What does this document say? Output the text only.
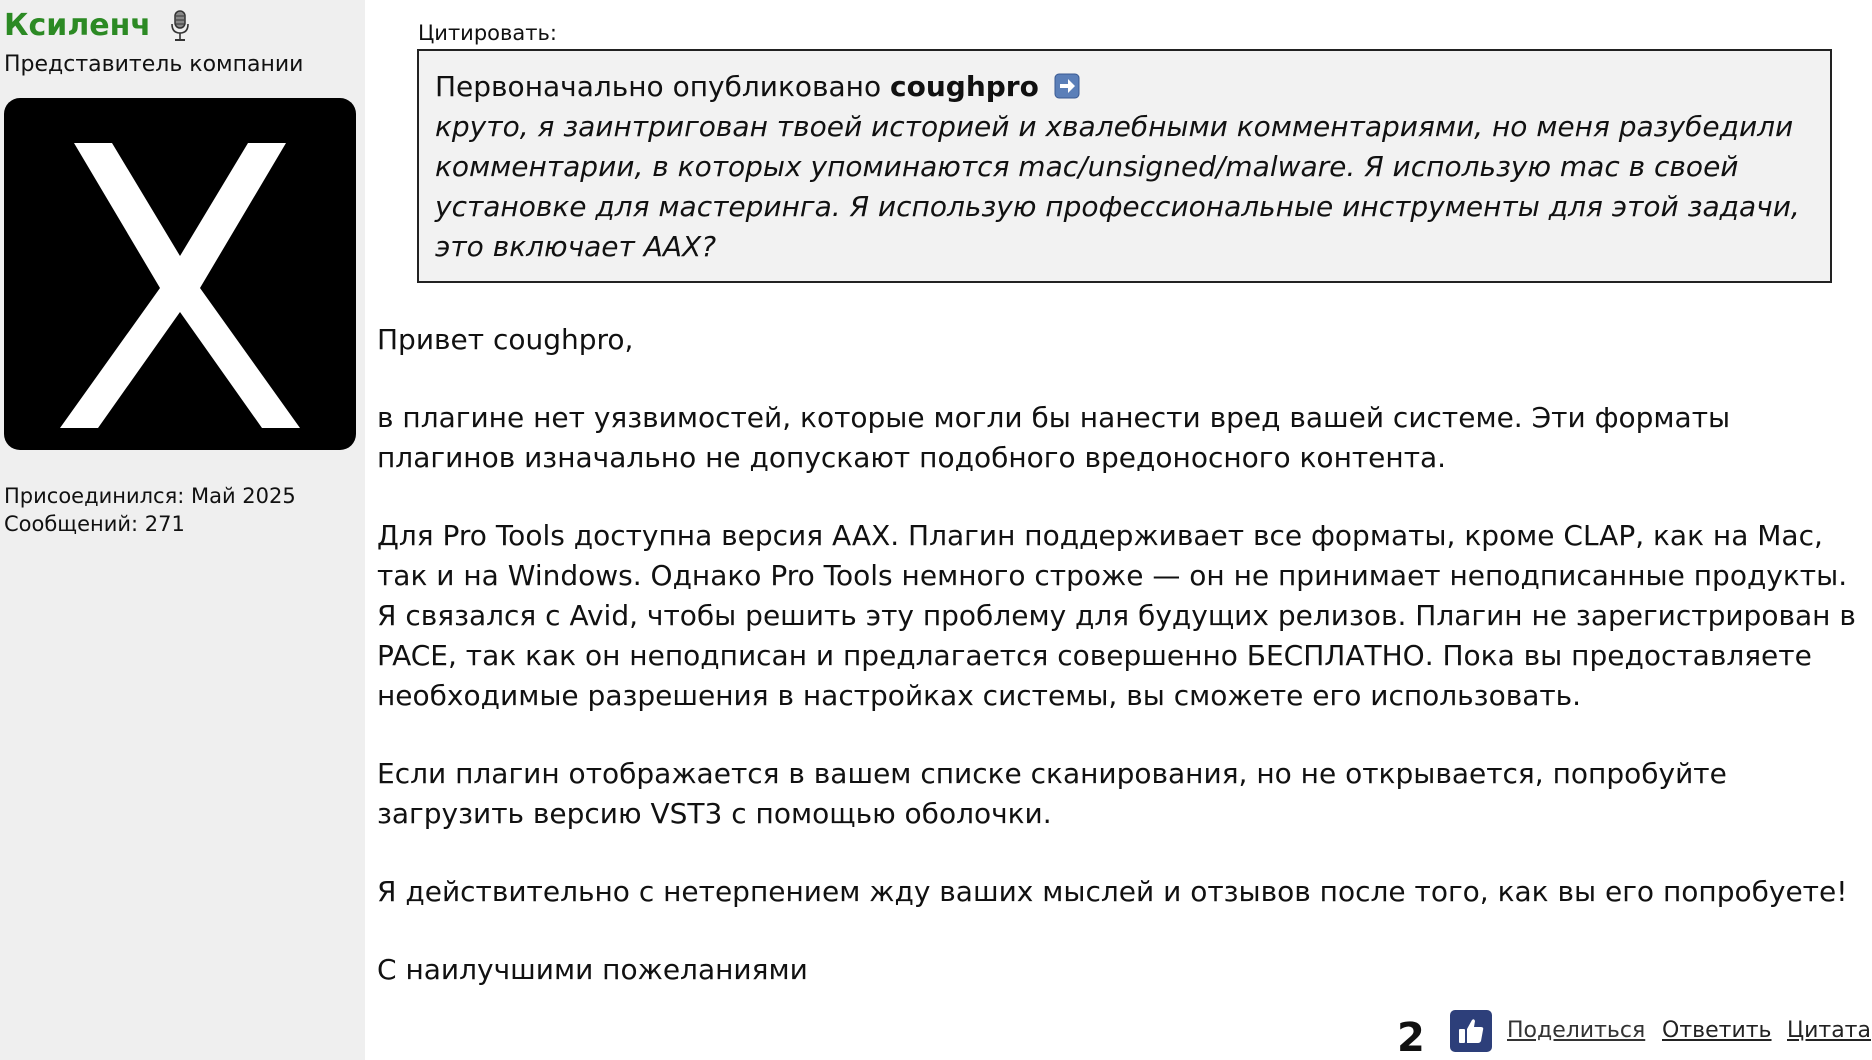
Ксиленч
Представитель компании
Присоединился: Май 2025
Сообщений: 271
Цитировать:
Первоначально опубликовано coughpro
круто, я заинтригован твоей историей и хвалебными комментариями, но меня разубедили комментарии, в которых упоминаются mac/unsigned/malware. Я использую mac в своей установке для мастеринга. Я использую профессиональные инструменты для этой задачи, это включает AAX?

Привет coughpro,

в плагине нет уязвимостей, которые могли бы нанести вред вашей системе. Эти форматы плагинов изначально не допускают подобного вредоносного контента.

Для Pro Tools доступна версия AAX. Плагин поддерживает все форматы, кроме CLAP, как на Mac, так и на Windows. Однако Pro Tools немного строже — он не принимает неподписанные продукты. Я связался с Avid, чтобы решить эту проблему для будущих релизов. Плагин не зарегистрирован в PACE, так как он неподписан и предлагается совершенно БЕСПЛАТНО. Пока вы предоставляете необходимые разрешения в настройках системы, вы сможете его использовать.

Если плагин отображается в вашем списке сканирования, но не открывается, попробуйте загрузить версию VST3 с помощью оболочки.

Я действительно с нетерпением жду ваших мыслей и отзывов после того, как вы его попробуете!

С наилучшими пожеланиями

2	Поделиться Ответить Цитата
